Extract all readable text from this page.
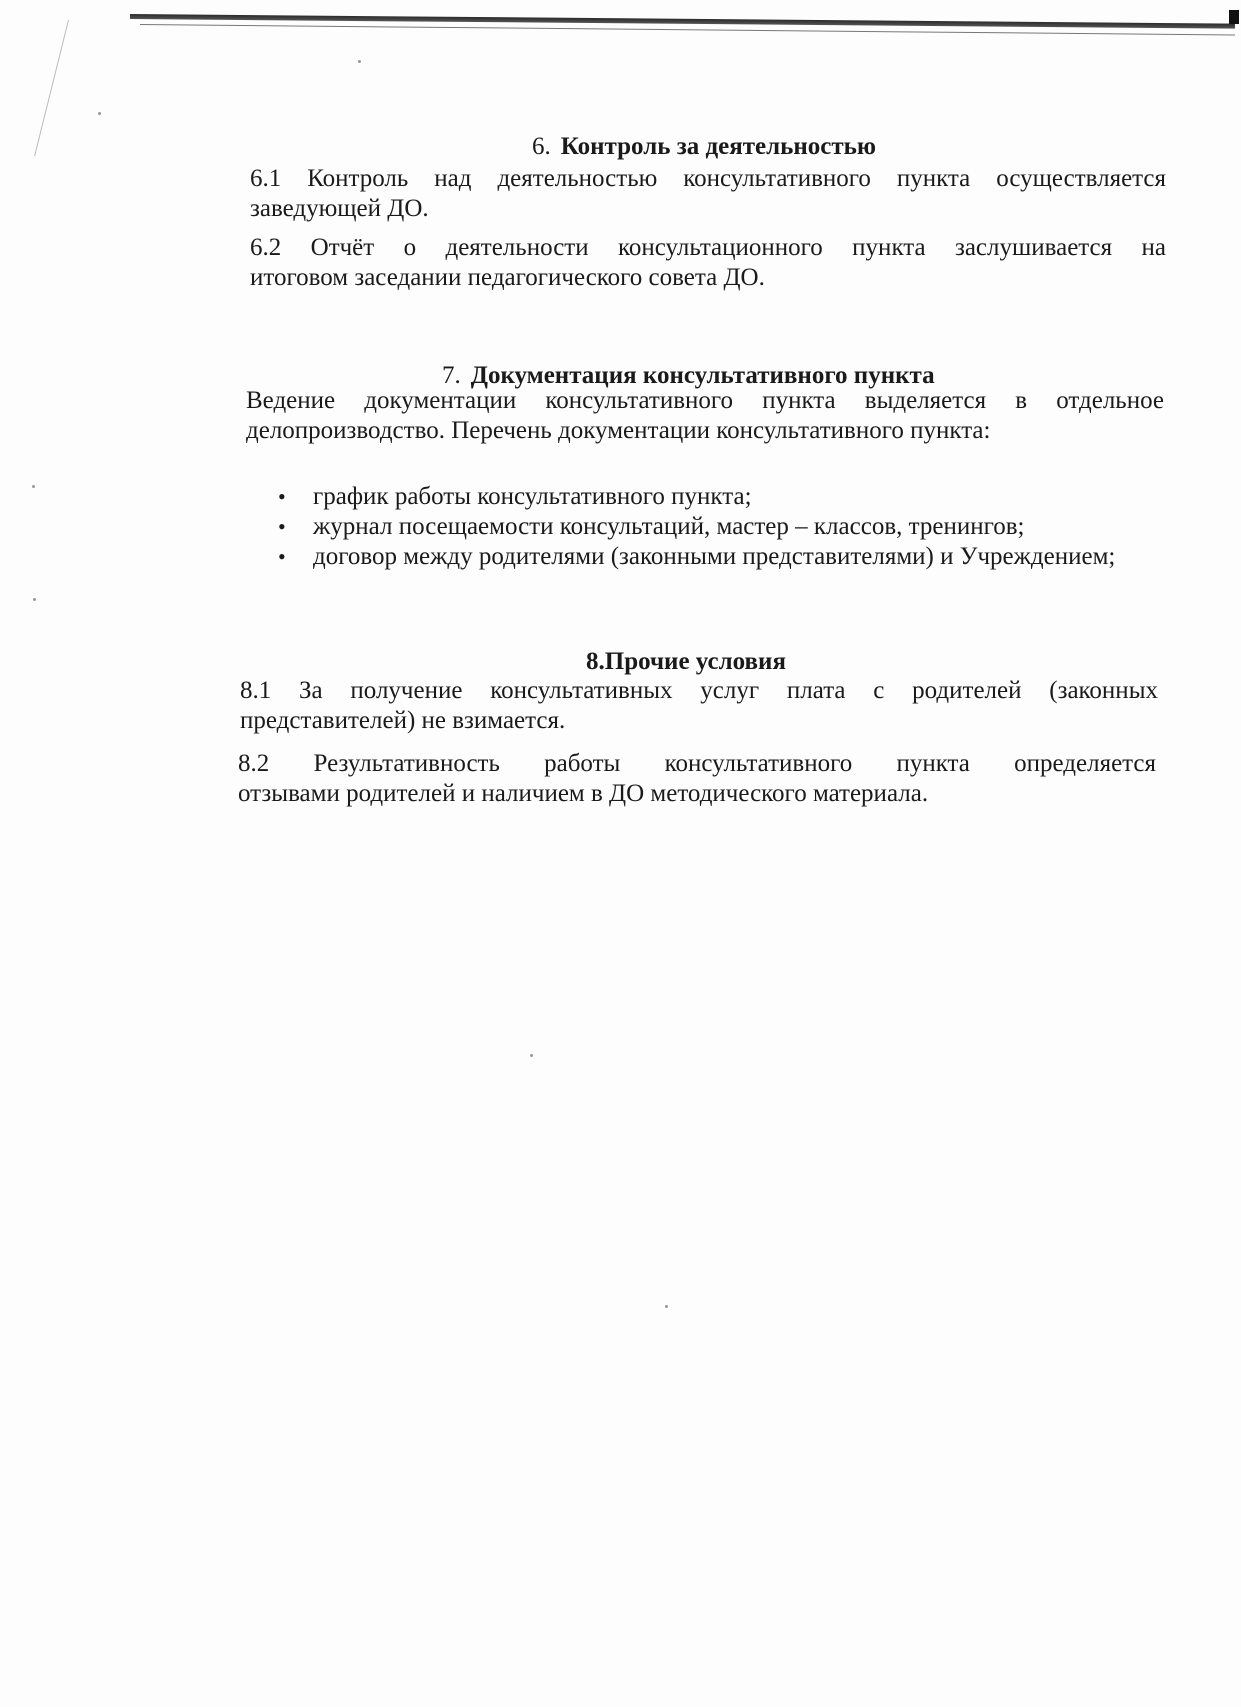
6. Контроль за деятельностью
6.1 Контроль над деятельностью консультативного пункта осуществляется
заведующей ДО.
6.2 Отчёт о деятельности консультационного пункта заслушивается на
итоговом заседании педагогического совета ДО.
7. Документация консультативного пункта
Ведение документации консультативного пункта выделяется в отдельное
делопроизводство. Перечень документации консультативного пункта:
• график работы консультативного пункта;
• журнал посещаемости консультаций, мастер – классов, тренингов;
• договор между родителями (законными представителями) и Учреждением;
8.Прочие условия
8.1 За получение консультативных услуг плата с родителей (законных
представителей) не взимается.
8.2 Результативность работы консультативного пункта определяется
отзывами родителей и наличием в ДО методического материала.
